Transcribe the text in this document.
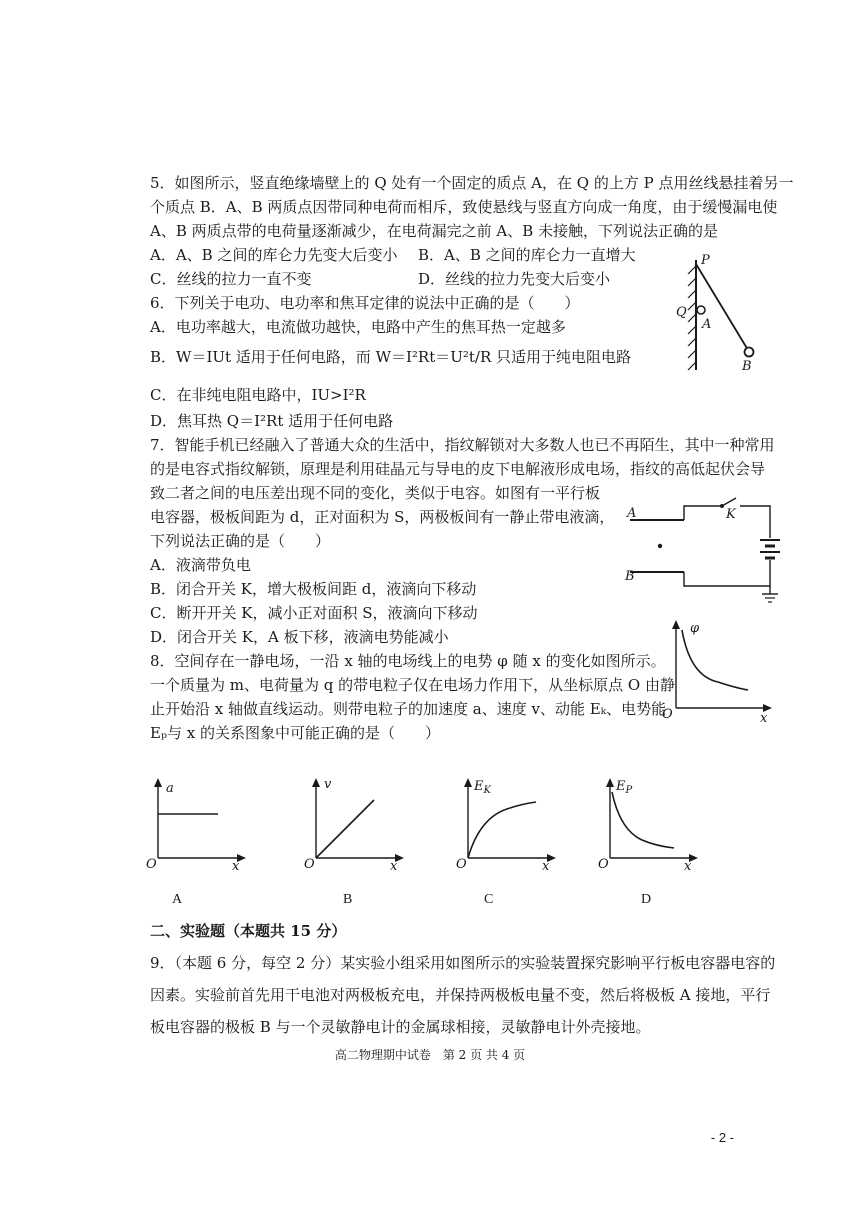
5．如图所示，竖直绝缘墙壁上的 Q 处有一个固定的质点 A，在 Q 的上方 P 点用丝线悬挂着另一
个质点 B．A、B 两质点因带同种电荷而相斥，致使悬线与竖直方向成一角度，由于缓慢漏电使
A、B 两质点带的电荷量逐渐减少，在电荷漏完之前 A、B 未接触，下列说法正确的是
A．A、B 之间的库仑力先变大后变小 B．A、B 之间的库仑力一直增大
C．丝线的拉力一直不变	D．丝线的拉力先变大后变小
6．下列关于电功、电功率和焦耳定律的说法中正确的是（　　）
A．电功率越大，电流做功越快，电路中产生的焦耳热一定越多
B．W＝IUt 适用于任何电路，而 W＝I²Rt＝U²t/R 只适用于纯电阻电路
C．在非纯电阻电路中，IU>I²R
D．焦耳热 Q＝I²Rt 适用于任何电路
P
Q
A
B
7．智能手机已经融入了普通大众的生活中，指纹解锁对大多数人也已不再陌生，其中一种常用
的是电容式指纹解锁，原理是利用硅晶元与导电的皮下电解液形成电场，指纹的高低起伏会导
致二者之间的电压差出现不同的变化，类似于电容。如图有一平行板
电容器，极板间距为 d，正对面积为 S，两极板间有一静止带电液滴，
下列说法正确的是（　　）
A．液滴带负电
B．闭合开关 K，增大极板间距 d，液滴向下移动
C．断开开关 K，减小正对面积 S，液滴向下移动
D．闭合开关 K，A 板下移，液滴电势能减小
A
B
K
8．空间存在一静电场，一沿 x 轴的电场线上的电势 φ 随 x 的变化如图所示。
一个质量为 m、电荷量为 q 的带电粒子仅在电场力作用下，从坐标原点 O 由静
止开始沿 x 轴做直线运动。则带电粒子的加速度 a、速度 v、动能 Eₖ、电势能
Eₚ与 x 的关系图象中可能正确的是（　　）
φ
O	x
a
O	x
v
O	x
$E_K$
O	x
$E_P$
O	x
A	B	C	D
二、实验题（本题共 15 分）
9．（本题 6 分，每空 2 分）某实验小组采用如图所示的实验装置探究影响平行板电容器电容的
因素。实验前首先用干电池对两极板充电，并保持两极板电量不变，然后将极板 A 接地，平行
板电容器的极板 B 与一个灵敏静电计的金属球相接，灵敏静电计外壳接地。
高二物理期中试卷　第 2 页 共 4 页
- 2 -
